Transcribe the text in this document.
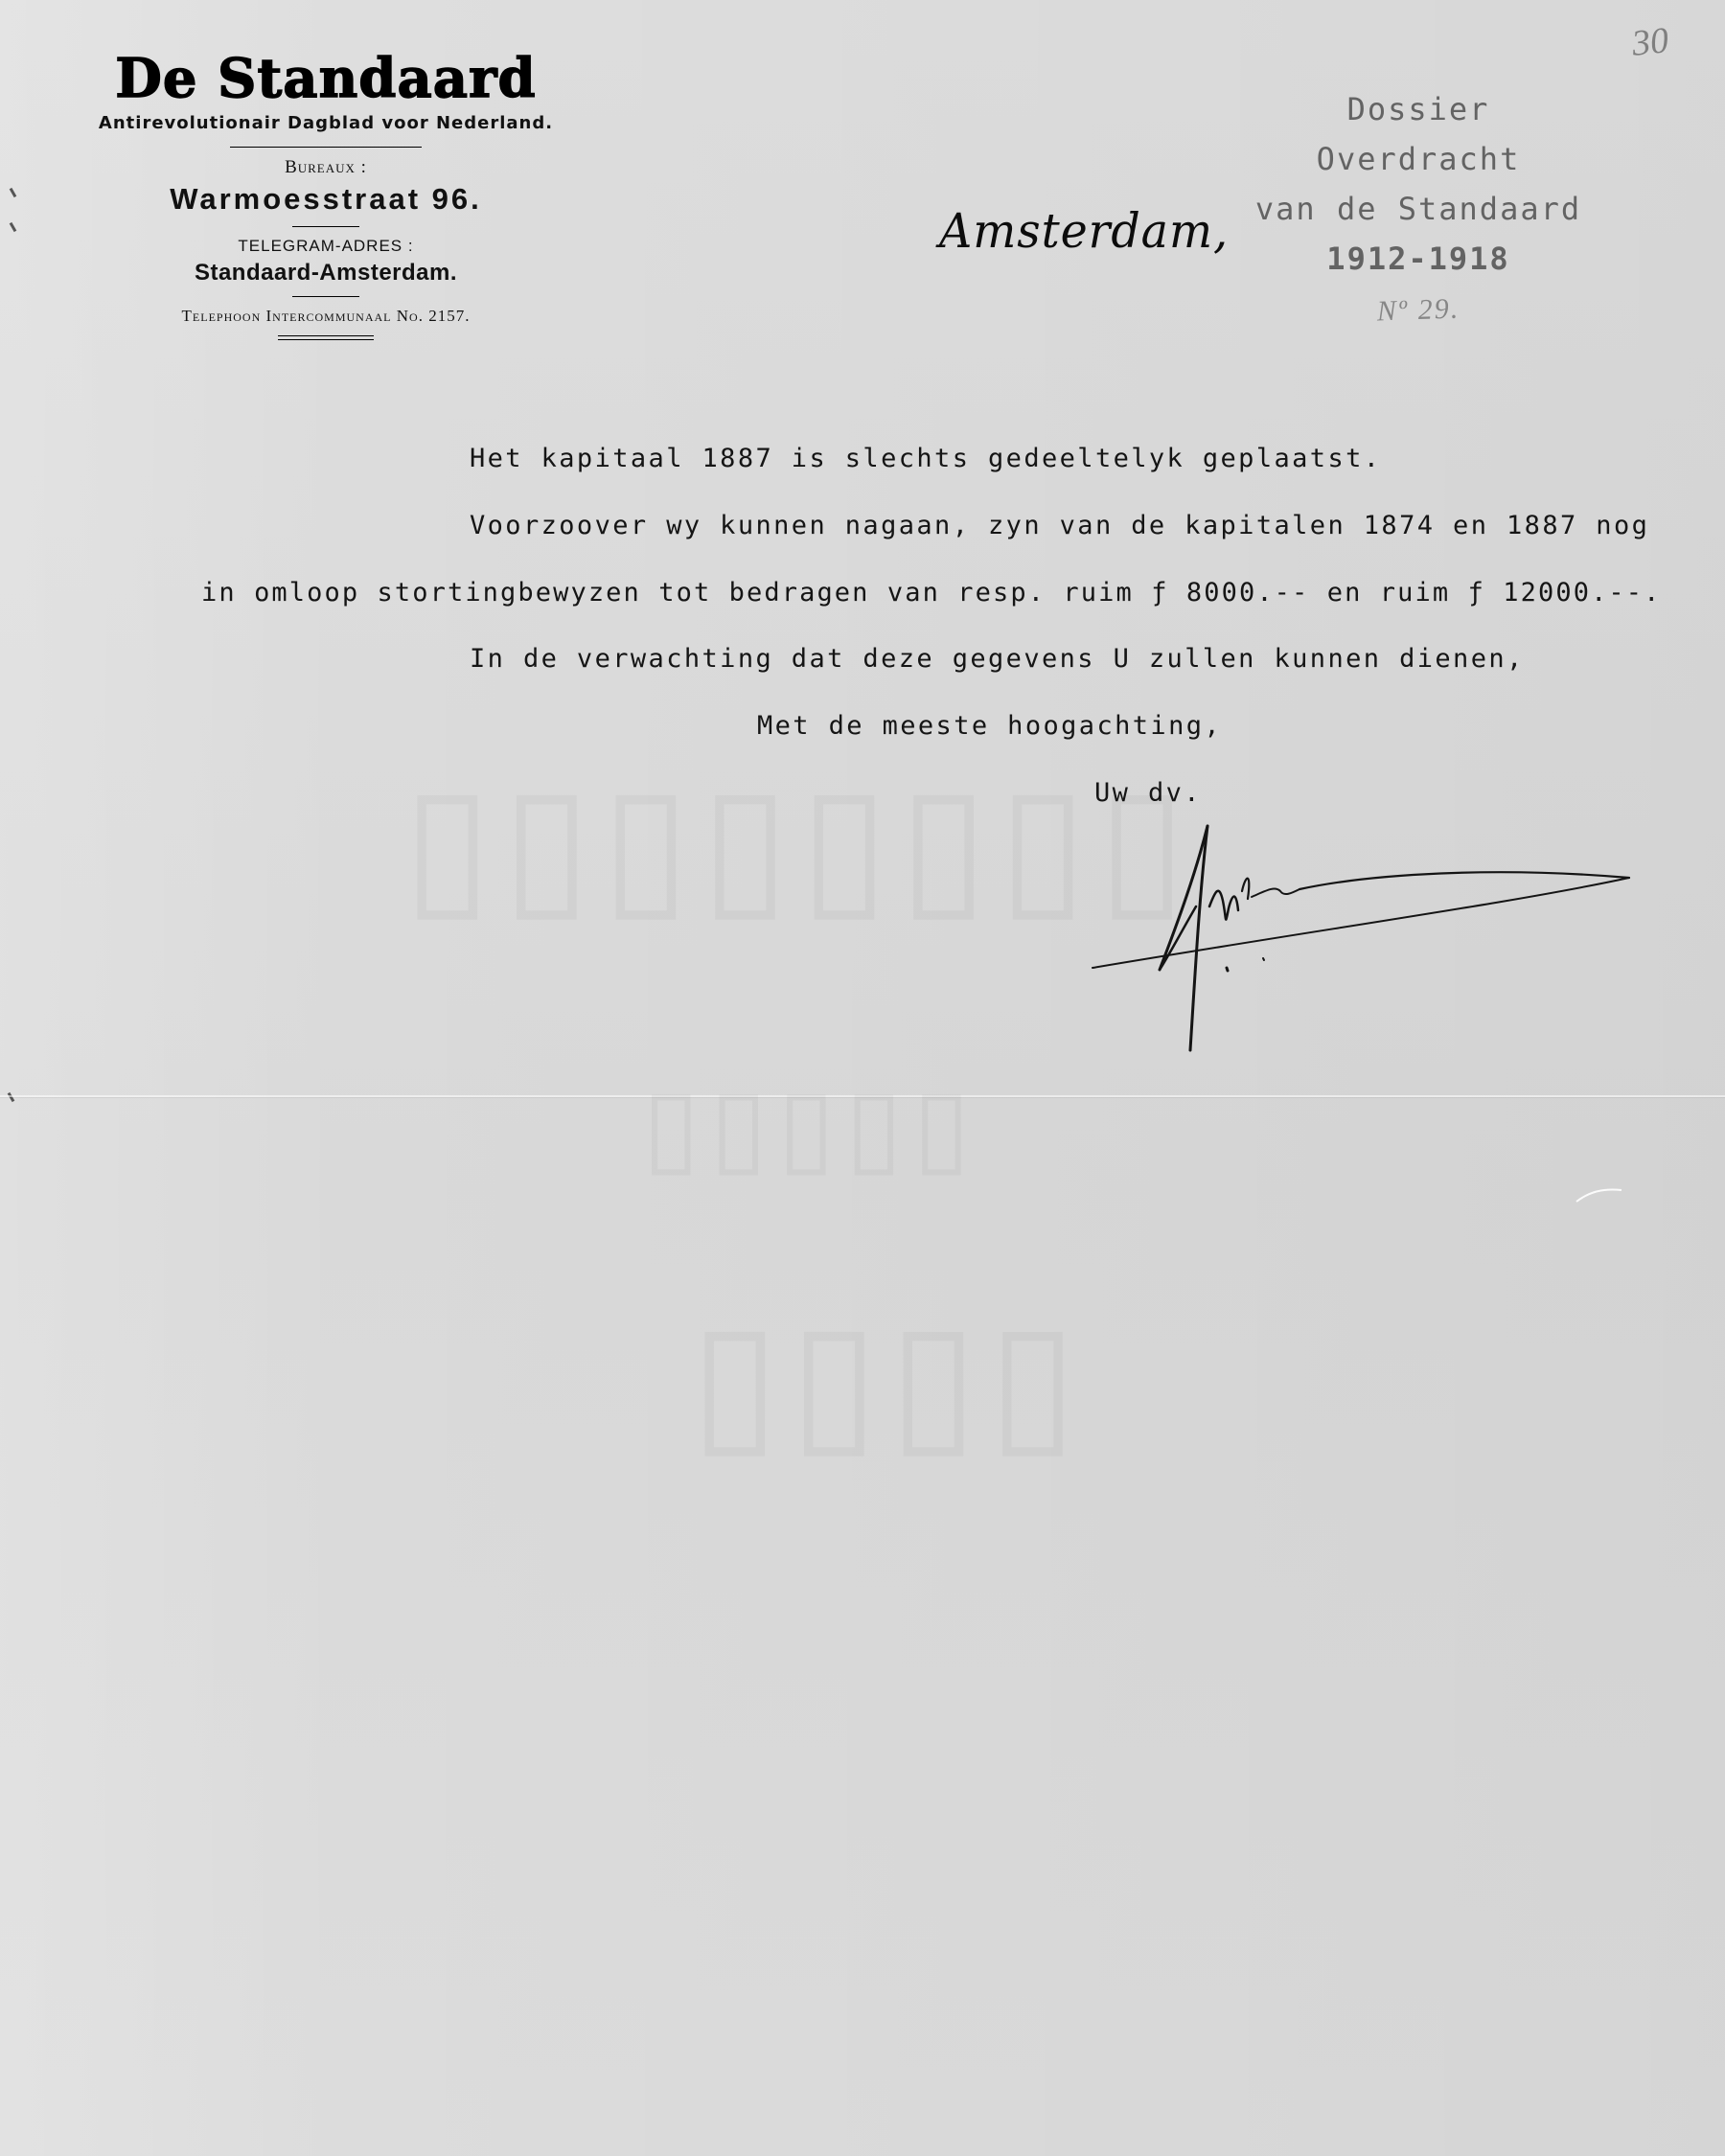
30
De Standaard
Antirevolutionair Dagblad voor Nederland.
Bureaux :
Warmoesstraat 96.
TELEGRAM-ADRES :
Standaard-Amsterdam.
Telephoon Intercommunaal No. 2157.
Amsterdam,
Dossier
Overdracht
van de Standaard
1912-1918
Nº 29.
Het kapitaal 1887 is slechts gedeeltelyk geplaatst.
Voorzoover wy kunnen nagaan, zyn van de kapitalen 1874 en 1887 nog
in omloop stortingbewyzen tot bedragen van resp. ruim ƒ 8000.-- en ruim ƒ 12000.--.
In de verwachting dat deze gegevens U zullen kunnen dienen,
Met de meeste hoogachting,
Uw dv.
